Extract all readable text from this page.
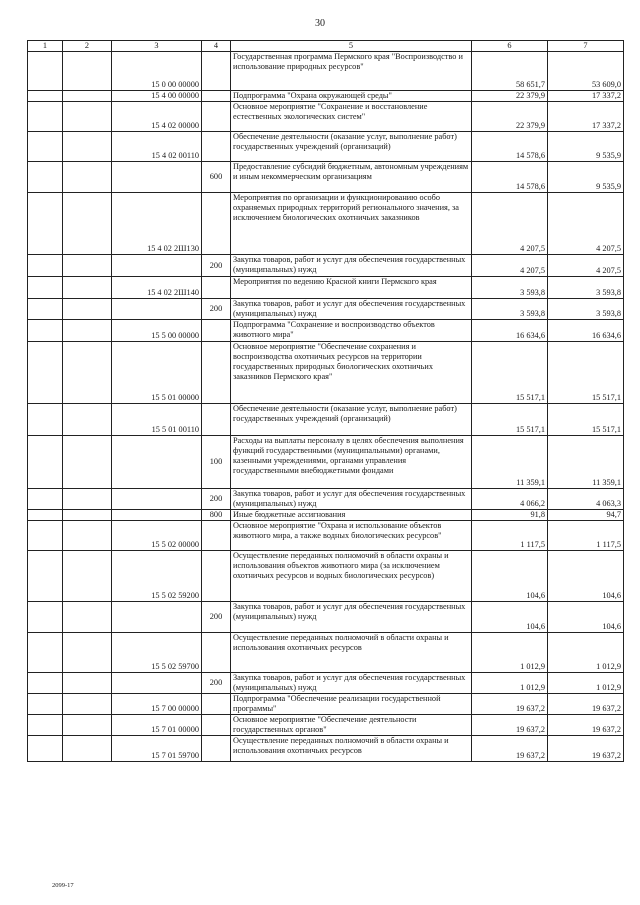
30
1	2	3	4	5	6	7
		15 0 00 00000		Государственная программа Пермского края "Воспроизводство и использование природных ресурсов"	58 651,7	53 609,0
		15 4 00 00000		Подпрограмма "Охрана окружающей среды"	22 379,9	17 337,2
		15 4 02 00000		Основное мероприятие "Сохранение и восстановление естественных экологических систем"	22 379,9	17 337,2
		15 4 02 00110		Обеспечение деятельности (оказание услуг, выполнение работ) государственных учреждений (организаций)	14 578,6	9 535,9
			600	Предоставление субсидий бюджетным, автономным учреждениям и иным некоммерческим организациям	14 578,6	9 535,9
		15 4 02 2Ш130		Мероприятия по организации и функционированию особо охраняемых природных территорий регионального значения, за исключением биологических охотничьих заказников	4 207,5	4 207,5
			200	Закупка товаров, работ и услуг для обеспечения государственных (муниципальных) нужд	4 207,5	4 207,5
		15 4 02 2Ш140		Мероприятия по ведению Красной книги Пермского края	3 593,8	3 593,8
			200	Закупка товаров, работ и услуг для обеспечения государственных (муниципальных) нужд	3 593,8	3 593,8
		15 5 00 00000		Подпрограмма "Сохранение и воспроизводство объектов животного мира"	16 634,6	16 634,6
		15 5 01 00000		Основное мероприятие "Обеспечение сохранения и воспроизводства охотничьих ресурсов на территории государственных природных биологических охотничьих заказников Пермского края"	15 517,1	15 517,1
		15 5 01 00110		Обеспечение деятельности (оказание услуг, выполнение работ) государственных учреждений (организаций)	15 517,1	15 517,1
			100	Расходы на выплаты персоналу в целях обеспечения выполнения функций государственными (муниципальными) органами, казенными учреждениями, органами управления государственными внебюджетными фондами	11 359,1	11 359,1
			200	Закупка товаров, работ и услуг для обеспечения государственных (муниципальных) нужд	4 066,2	4 063,3
			800	Иные бюджетные ассигнования	91,8	94,7
		15 5 02 00000		Основное мероприятие "Охрана и использование объектов животного мира, а также водных биологических ресурсов"	1 117,5	1 117,5
		15 5 02 59200		Осуществление переданных полномочий в области охраны и использования объектов животного мира (за исключением охотничьих ресурсов и водных биологических ресурсов)	104,6	104,6
			200	Закупка товаров, работ и услуг для обеспечения государственных (муниципальных) нужд	104,6	104,6
		15 5 02 59700		Осуществление переданных полномочий в области охраны и использования охотничьих ресурсов	1 012,9	1 012,9
			200	Закупка товаров, работ и услуг для обеспечения государственных (муниципальных) нужд	1 012,9	1 012,9
		15 7 00 00000		Подпрограмма "Обеспечение реализации государственной программы"	19 637,2	19 637,2
		15 7 01 00000		Основное мероприятие "Обеспечение деятельности государственных органов"	19 637,2	19 637,2
		15 7 01 59700		Осуществление переданных полномочий в области охраны и использования охотничьих ресурсов	19 637,2	19 637,2
2099-17
